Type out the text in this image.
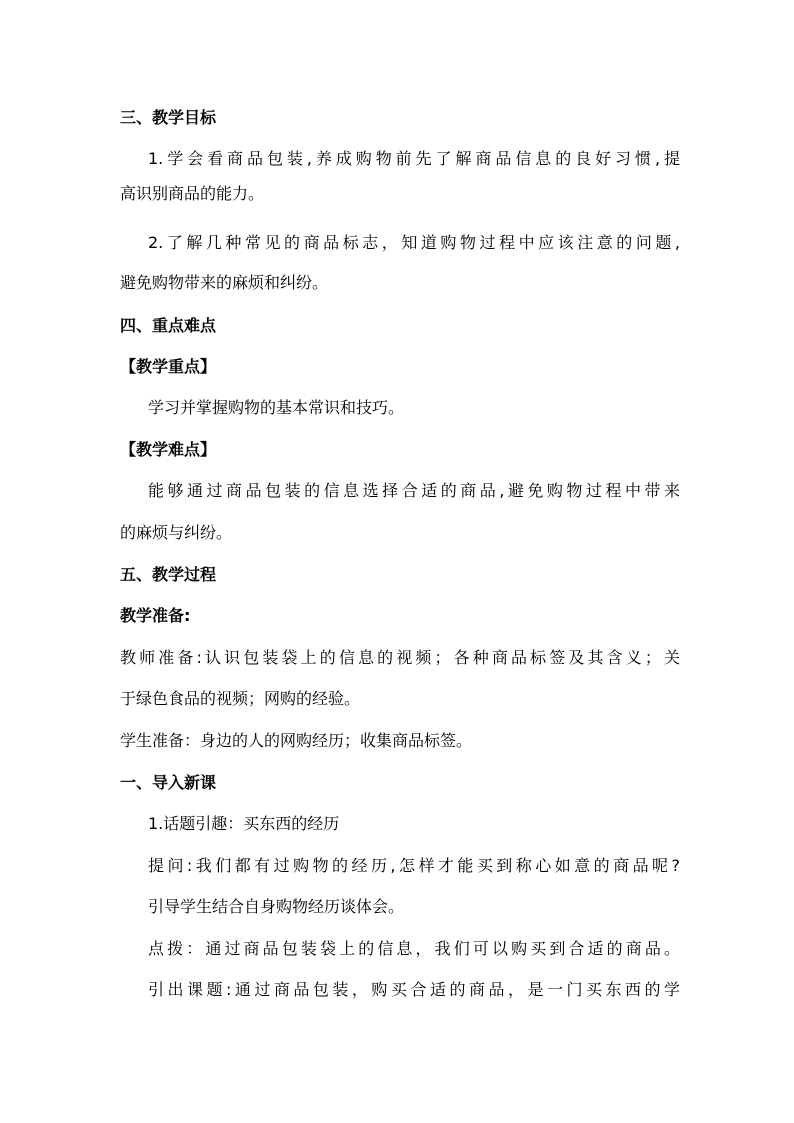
三、教学目标
1.学会看商品包装,养成购物前先了解商品信息的良好习惯,提
高识别商品的能力。
2.了解几种常见的商品标志，知道购物过程中应该注意的问题,
避免购物带来的麻烦和纠纷。
四、重点难点
【教学重点】
学习并掌握购物的基本常识和技巧。
【教学难点】
能够通过商品包装的信息选择合适的商品,避免购物过程中带来
的麻烦与纠纷。
五、教学过程
教学准备:
教师准备:认识包装袋上的信息的视频；各种商品标签及其含义；关
于绿色食品的视频；网购的经验。
学生准备：身边的人的网购经历；收集商品标签。
一、导入新课
1.话题引趣：买东西的经历
提问:我们都有过购物的经历,怎样才能买到称心如意的商品呢?
引导学生结合自身购物经历谈体会。
点拨：通过商品包装袋上的信息，我们可以购买到合适的商品。
引出课题:通过商品包装，购买合适的商品，是一门买东西的学
